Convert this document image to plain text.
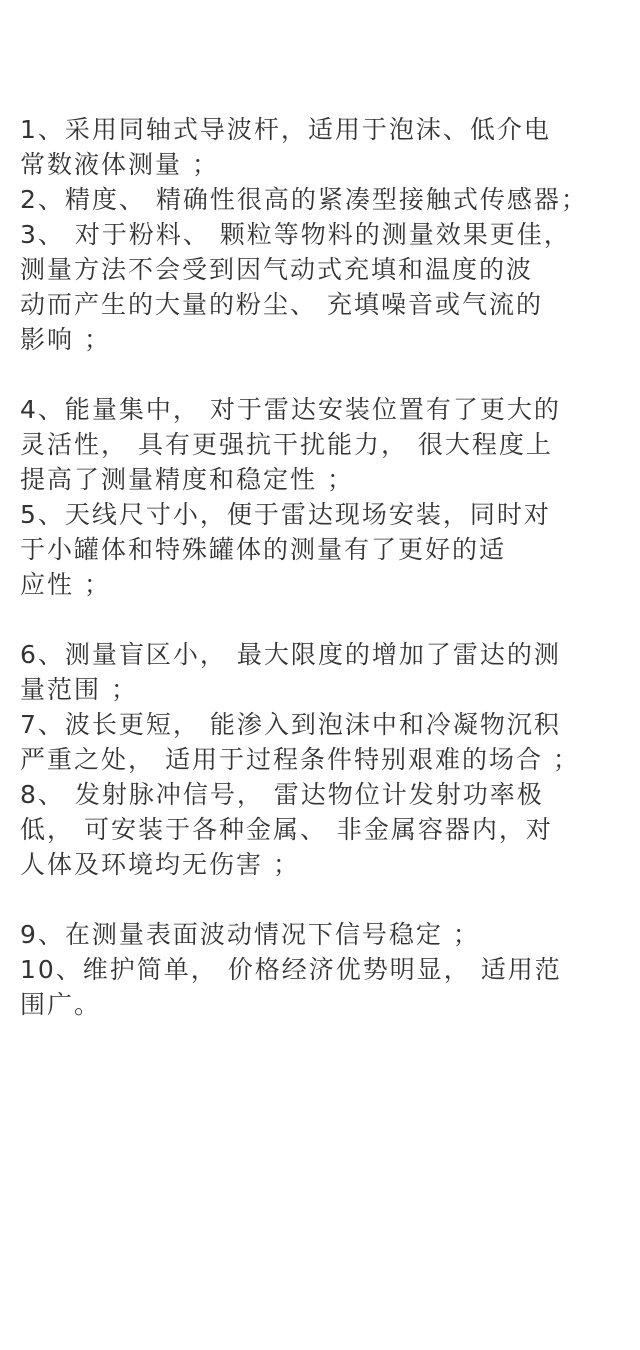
1、采用同轴式导波杆，适用于泡沫、低介电
常数液体测量 ；
2、精度、 精确性很高的紧凑型接触式传感器；
3、 对于粉料、 颗粒等物料的测量效果更佳，
测量方法不会受到因气动式充填和温度的波
动而产生的大量的粉尘、 充填噪音或气流的
影响 ；
4、能量集中， 对于雷达安装位置有了更大的
灵活性， 具有更强抗干扰能力， 很大程度上
提高了测量精度和稳定性 ；
5、天线尺寸小，便于雷达现场安装，同时对
于小罐体和特殊罐体的测量有了更好的适
应性 ；
6、测量盲区小， 最大限度的增加了雷达的测
量范围 ；
7、波长更短， 能渗入到泡沫中和冷凝物沉积
严重之处， 适用于过程条件特别艰难的场合 ；
8、 发射脉冲信号， 雷达物位计发射功率极
低， 可安装于各种金属、 非金属容器内，对
人体及环境均无伤害 ；
9、在测量表面波动情况下信号稳定 ；
10、维护简单， 价格经济优势明显， 适用范
围广。
